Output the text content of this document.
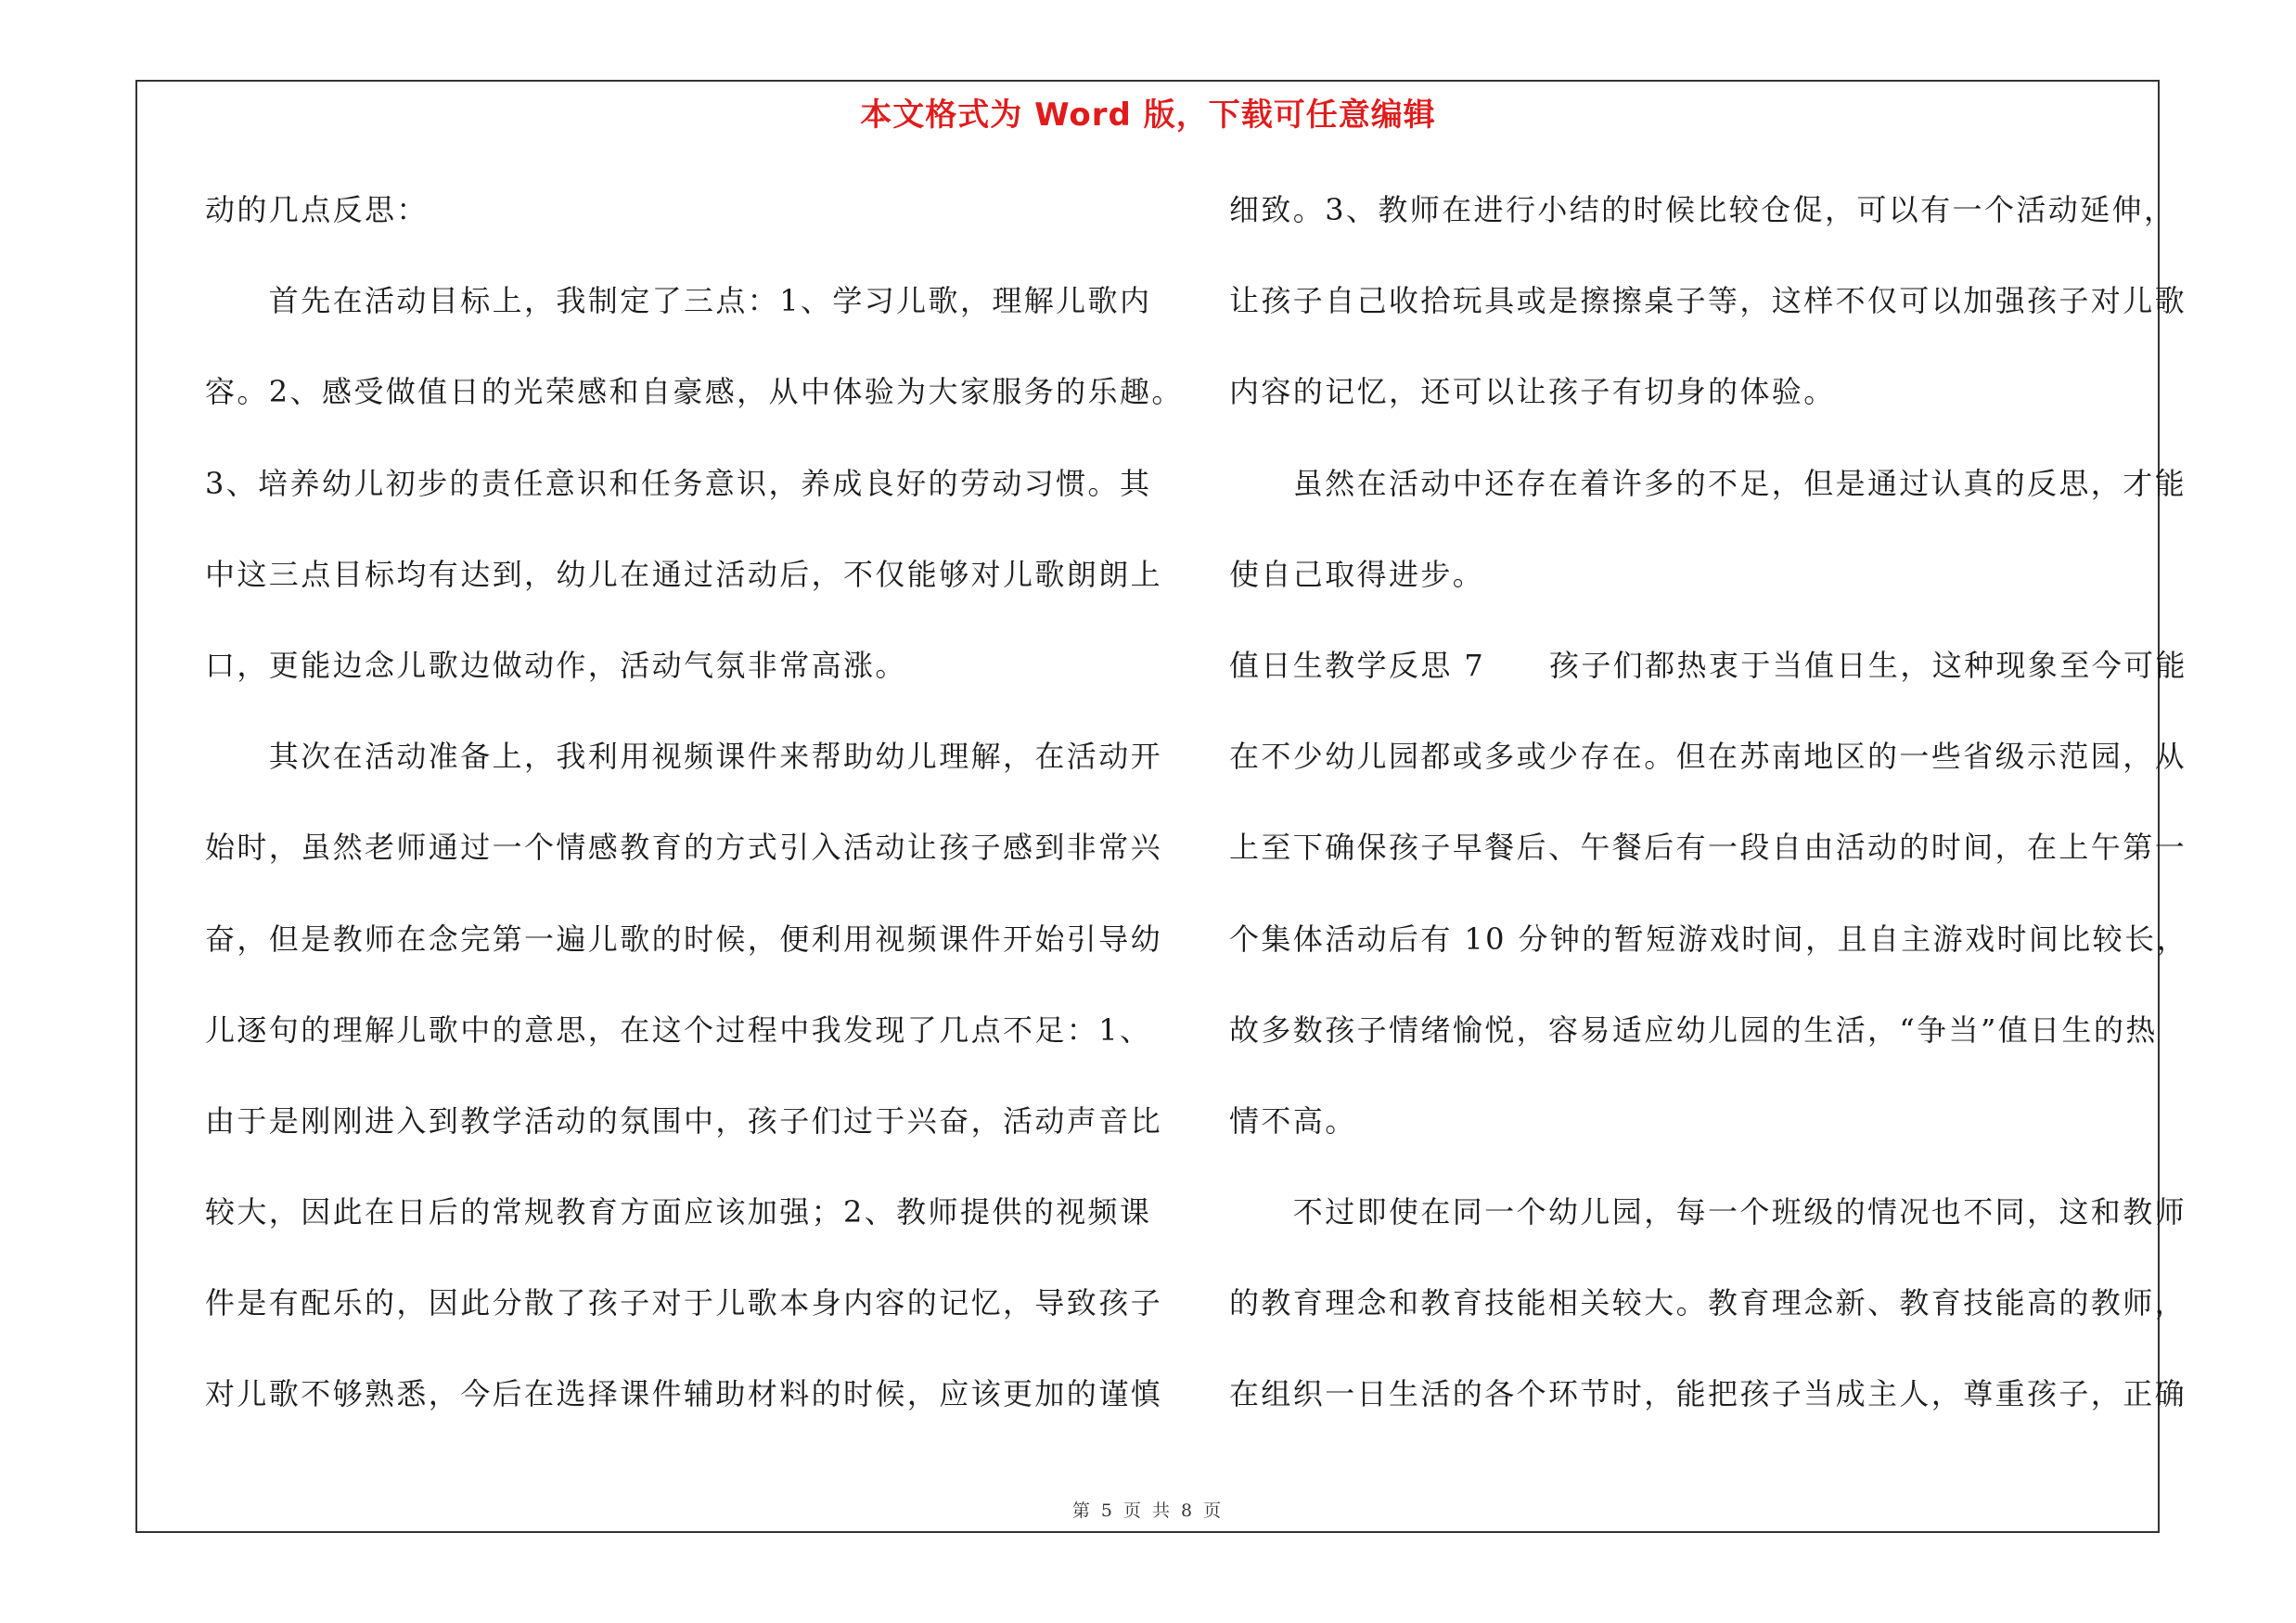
本文格式为 Word 版，下载可任意编辑
动的几点反思：
　　首先在活动目标上，我制定了三点：1、学习儿歌，理解儿歌内
容。2、感受做值日的光荣感和自豪感，从中体验为大家服务的乐趣。
3、培养幼儿初步的责任意识和任务意识，养成良好的劳动习惯。其
中这三点目标均有达到，幼儿在通过活动后，不仅能够对儿歌朗朗上
口，更能边念儿歌边做动作，活动气氛非常高涨。
　　其次在活动准备上，我利用视频课件来帮助幼儿理解，在活动开
始时，虽然老师通过一个情感教育的方式引入活动让孩子感到非常兴
奋，但是教师在念完第一遍儿歌的时候，便利用视频课件开始引导幼
儿逐句的理解儿歌中的意思，在这个过程中我发现了几点不足：1、
由于是刚刚进入到教学活动的氛围中，孩子们过于兴奋，活动声音比
较大，因此在日后的常规教育方面应该加强；2、教师提供的视频课
件是有配乐的，因此分散了孩子对于儿歌本身内容的记忆，导致孩子
对儿歌不够熟悉，今后在选择课件辅助材料的时候，应该更加的谨慎
细致。3、教师在进行小结的时候比较仓促，可以有一个活动延伸，
让孩子自己收拾玩具或是擦擦桌子等，这样不仅可以加强孩子对儿歌
内容的记忆，还可以让孩子有切身的体验。
　　虽然在活动中还存在着许多的不足，但是通过认真的反思，才能
使自己取得进步。
值日生教学反思 7　　孩子们都热衷于当值日生，这种现象至今可能
在不少幼儿园都或多或少存在。但在苏南地区的一些省级示范园，从
上至下确保孩子早餐后、午餐后有一段自由活动的时间，在上午第一
个集体活动后有 10 分钟的暂短游戏时间，且自主游戏时间比较长，
故多数孩子情绪愉悦，容易适应幼儿园的生活，“争当”值日生的热
情不高。
　　不过即使在同一个幼儿园，每一个班级的情况也不同，这和教师
的教育理念和教育技能相关较大。教育理念新、教育技能高的教师，
在组织一日生活的各个环节时，能把孩子当成主人，尊重孩子，正确
第 5 页 共 8 页
